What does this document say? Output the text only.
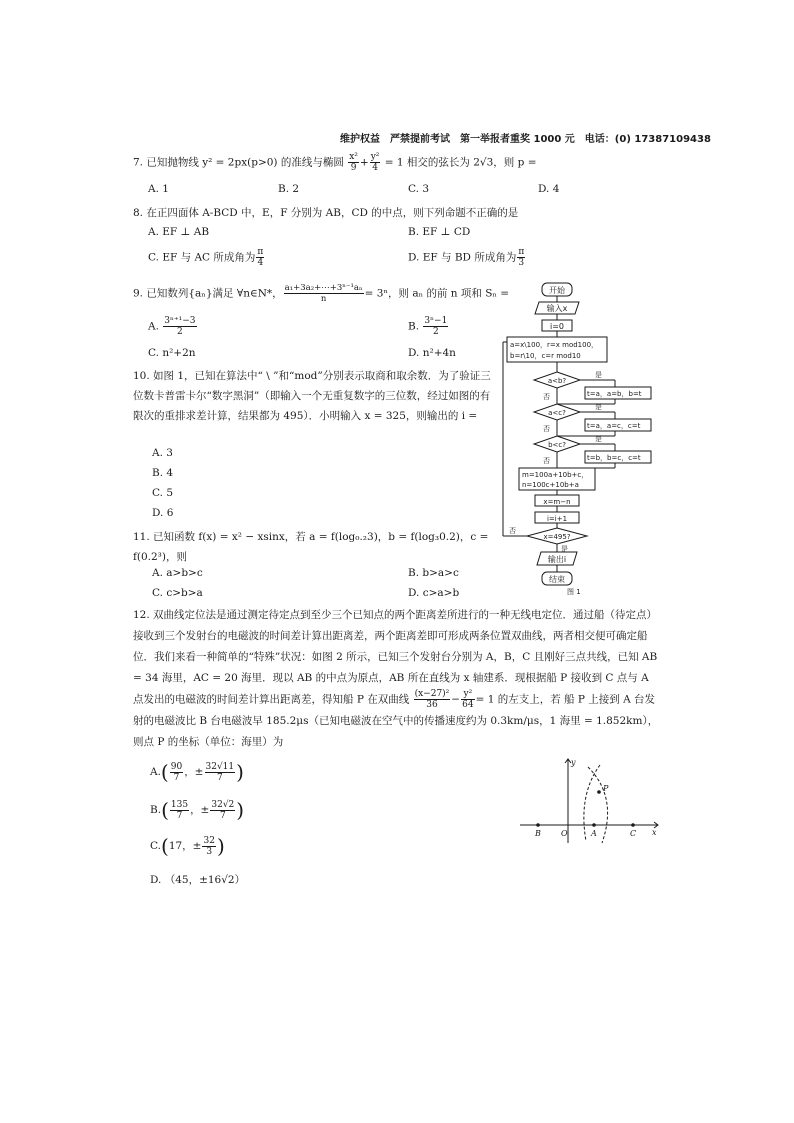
维护权益　严禁提前考试　第一举报者重奖 1000 元　电话：(0) 17387109438
7. 已知抛物线 y² = 2px(p>0) 的准线与椭圆 $\frac{\text{x²}}{9} + \frac{\text{y²}}{4} = 1$ 相交的弦长为 2√3，则 p =
A. 1	B. 2	C. 3	D. 4
8. 在正四面体 A-BCD 中，E，F 分别为 AB，CD 的中点，则下列命题不正确的是
A. EF ⊥ AB	B. EF ⊥ CD
C. EF 与 AC 所成角为 $\frac{\pi}{4}$	D. EF 与 BD 所成角为 $\frac{\pi}{3}$
9. 已知数列{aₙ}满足 ∀n∈N*， $\frac{\text{a₁+3a₂+⋯+3ⁿ⁻¹aₙ}}{n} = 3^n$，则 aₙ 的前 n 项和 Sₙ =
A. $\frac{\text{3ⁿ⁺¹−3}}{2}$	B. $\frac{\text{3ⁿ−1}}{2}$
C. n²+2n	D. n²+4n
10. 如图 1，已知在算法中“ \ ”和“mod”分别表示取商和取余数．为了验证三位数卡普雷卡尔“数字黑洞”（即输入一个无重复数字的三位数，经过如图的有限次的重排求差计算，结果都为 495）．小明输入 x = 325，则输出的 i =
A. 3
B. 4
C. 5
D. 6
11. 已知函数 f(x) = x² − xsinx，若 a = f(log₀.₂3)，b = f(log₃0.2)，c = f(0.2³)，则
A. a>b>c	B. b>a>c
C. c>b>a	D. c>a>b
12. 双曲线定位法是通过测定待定点到至少三个已知点的两个距离差所进行的一种无线电定位．通过船（待定点）接收到三个发射台的电磁波的时间差计算出距离差，两个距离差即可形成两条位置双曲线，两者相交便可确定船位．我们来看一种简单的“特殊”状况：如图 2 所示，已知三个发射台分别为 A，B，C 且刚好三点共线，已知 AB = 34 海里，AC = 20 海里．现以 AB 的中点为原点，AB 所在直线为 x 轴建系．现根据船 P 接收到 C 点与 A 点发出的电磁波的时间差计算出距离差，得知船 P 在双曲线 $\frac{\text{(x−27)²}}{36} - \frac{\text{y²}}{64} = 1$ 的左支上，若 船 P 上接到 A 台发射的电磁波比 B 台电磁波早 185.2μs（已知电磁波在空气中的传播速度约为 0.3km/μs，1 海里 = 1.852km），则点 P 的坐标（单位：海里）为
$A.( \frac{90}{7}$ ，± $\frac{32√11}{7}$ )
$B.( \frac{135}{7}$ ，± $\frac{32√2}{7}$ )
C.(17，± $\frac{32}{3}$ )
D. （45，±16√2）
开始
输入x
i=0
a=x\100，r=x mod100，
b=r\10，c=r mod10
a<b?
是
t=a，a=b，b=t
否
a<c?
是
t=a，a=c，c=t
否
b<c?
是
t=b，b=c，c=t
否
m=100a+10b+c，
n=100c+10b+a
x=m−n
i=i+1
x=495?
否
是
输出i
结束
图 1
y
x
B	O	A	C
P
